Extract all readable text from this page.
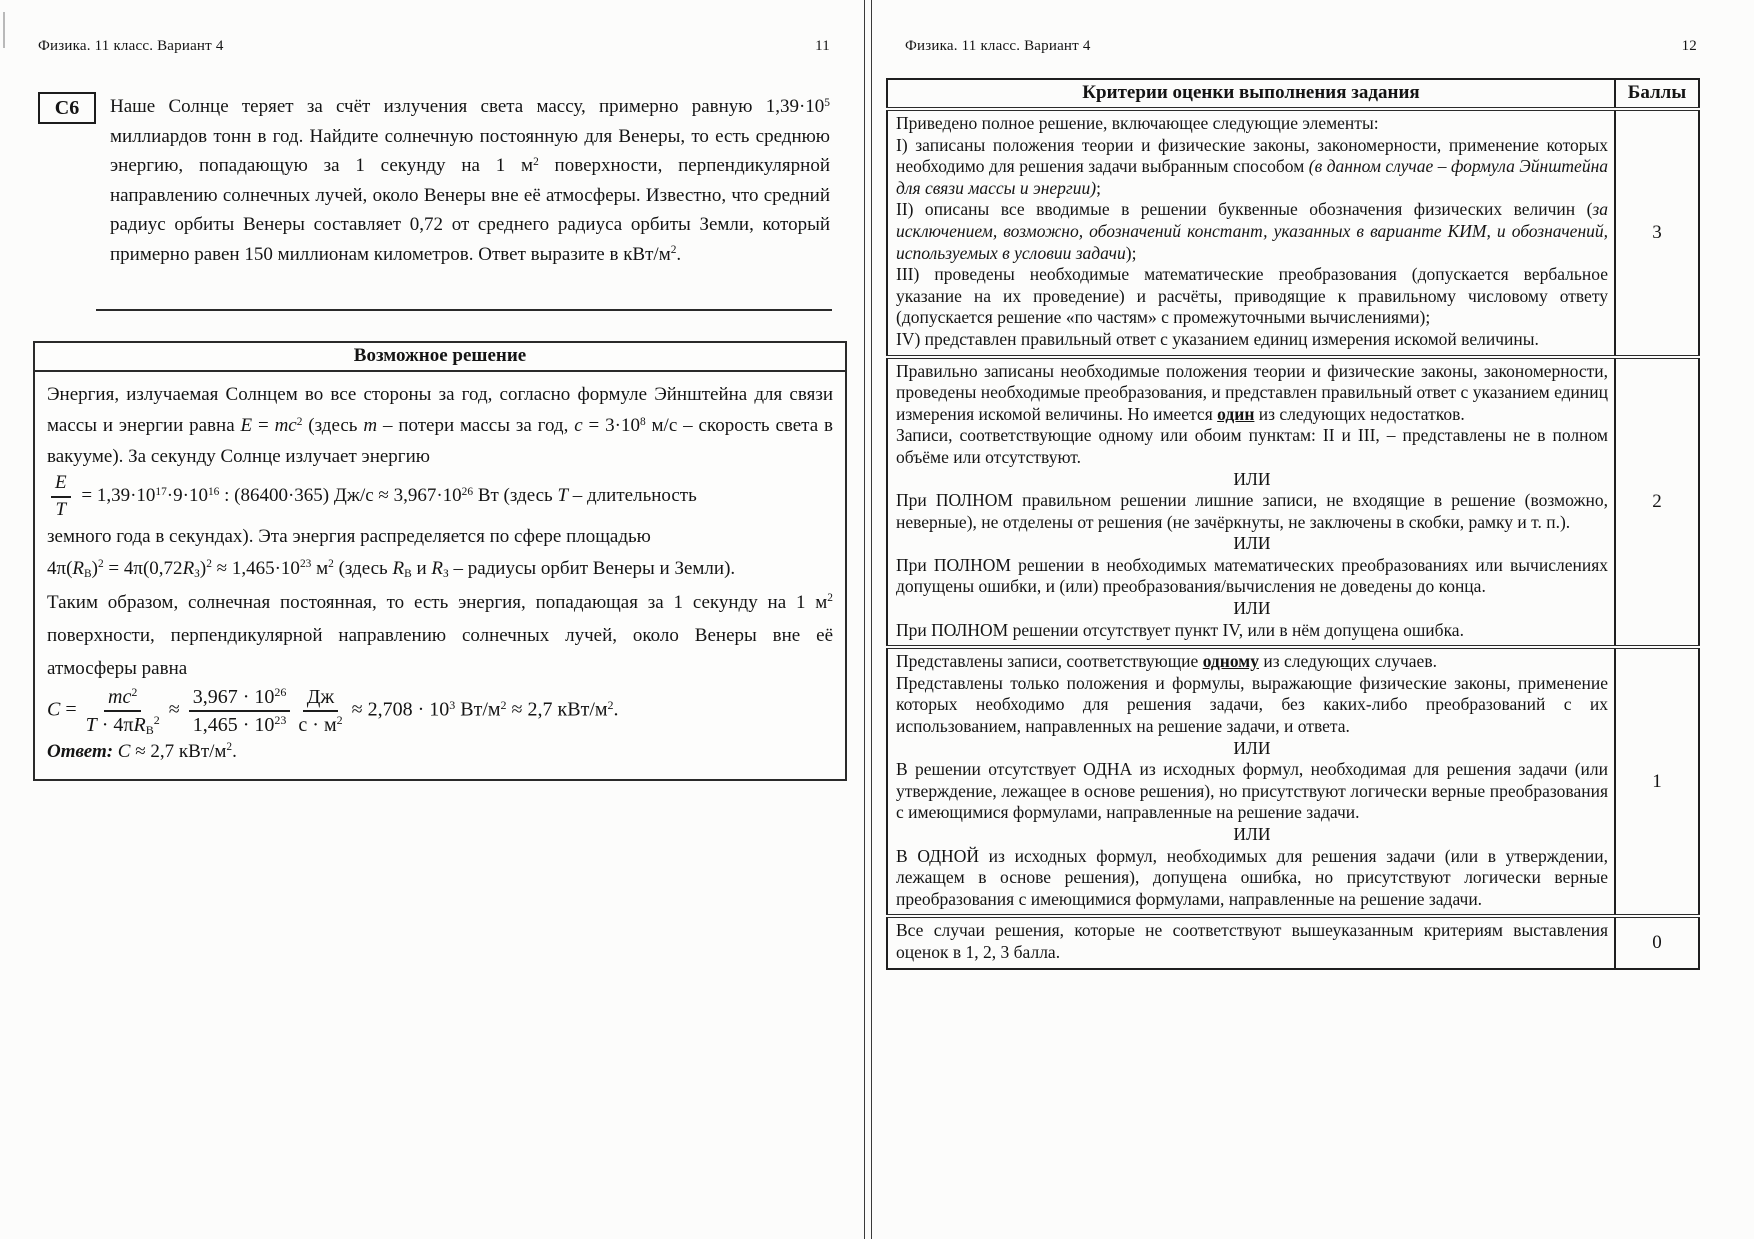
Физика. 11 класс. Вариант 4	11
С6	Наше Солнце теряет за счёт излучения света массу, примерно равную $1,39\cdot 10^5$ миллиардов тонн в год. Найдите солнечную постоянную для Венеры, то есть среднюю энергию, попадающую за 1 секунду на 1 $м^2$ поверхности, перпендикулярной направлению солнечных лучей, около Венеры вне её атмосферы. Известно, что средний радиус орбиты Венеры составляет 0,72 от среднего радиуса орбиты Земли, который примерно равен 150 миллионам километров. Ответ выразите в кВт/$м^2$.
Возможное решение

Энергия, излучаемая Солнцем во все стороны за год, согласно формуле Эйнштейна для связи массы и энергии равна $E = mc^2$ (здесь m – потери массы за год, $c = 3\cdot 10^8$ м/с – скорость света в вакууме). За секунду Солнце излучает энергию

$\frac{E}{T} = 1,39\cdot 10^{17}\cdot 9\cdot 10^{16}$ : (86400·365) $Дж/с \approx 3,967\cdot 10^{26}$ Вт (здесь T – длительность

земного года в секундах). Эта энергия распределяется по сфере площадью

$4\pi(R_В)^2 = 4\pi(0,72R_З)^2 \approx 1,465\cdot 10^{23}$ $м^2$ (здесь $R_В$ и $R_З$ – радиусы орбит Венеры и Земли).

Таким образом, солнечная постоянная, то есть энергия, попадающая за 1 секунду на 1 $м^2$ поверхности, перпендикулярной направлению солнечных лучей, около Венеры вне её атмосферы равна

$C = \frac{mc^2}{T \cdot 4\pi R_В^2} \approx \frac{3,967 \cdot 10^{26}}{1,465 \cdot 10^{23}} \frac{Дж}{с \cdot м^2} \approx 2,708 \cdot 10^3$ $Вт/м^2 \approx 2,7$ кВт/$м^2$.

Ответ: C ≈ 2,7 кВт/$м^2$.

Физика. 11 класс. Вариант 4	12
Критерии оценки выполнения задания	Баллы

Приведено полное решение, включающее следующие элементы:

I) записаны положения теории и физические законы, закономерности, применение которых необходимо для решения задачи выбранным способом (в данном случае – формула Эйнштейна для связи массы и энергии);

II) описаны все вводимые в решении буквенные обозначения физических величин (за исключением, возможно, обозначений констант, указанных в варианте КИМ, и обозначений, используемых в условии задачи);

III) проведены необходимые математические преобразования (допускается вербальное указание на их проведение) и расчёты, приводящие к правильному числовому ответу (допускается решение «по частям» с промежуточными вычислениями);

IV) представлен правильный ответ с указанием единиц измерения искомой величины.	3

Правильно записаны необходимые положения теории и физические законы, закономерности, проведены необходимые преобразования, и представлен правильный ответ с указанием единиц измерения искомой величины. Но имеется один из следующих недостатков.

Записи, соответствующие одному или обоим пунктам: II и III, – представлены не в полном объёме или отсутствуют.

ИЛИ

При ПОЛНОМ правильном решении лишние записи, не входящие в решение (возможно, неверные), не отделены от решения (не зачёркнуты, не заключены в скобки, рамку и т. п.).

ИЛИ

При ПОЛНОМ решении в необходимых математических преобразованиях или вычислениях допущены ошибки, и (или) преобразования/вычисления не доведены до конца.

ИЛИ

При ПОЛНОМ решении отсутствует пункт IV, или в нём допущена ошибка.

	2

Представлены записи, соответствующие одному из следующих случаев.

Представлены только положения и формулы, выражающие физические законы, применение которых необходимо для решения задачи, без каких-либо преобразований с их использованием, направленных на решение задачи, и ответа.

ИЛИ

В решении отсутствует ОДНА из исходных формул, необходимая для решения задачи (или утверждение, лежащее в основе решения), но присутствуют логически верные преобразования с имеющимися формулами, направленные на решение задачи.

ИЛИ

В ОДНОЙ из исходных формул, необходимых для решения задачи (или в утверждении, лежащем в основе решения), допущена ошибка, но присутствуют логически верные преобразования с имеющимися формулами, направленные на решение задачи.

	1

Все случаи решения, которые не соответствуют вышеуказанным критериям выставления оценок в 1, 2, 3 балла.	0
